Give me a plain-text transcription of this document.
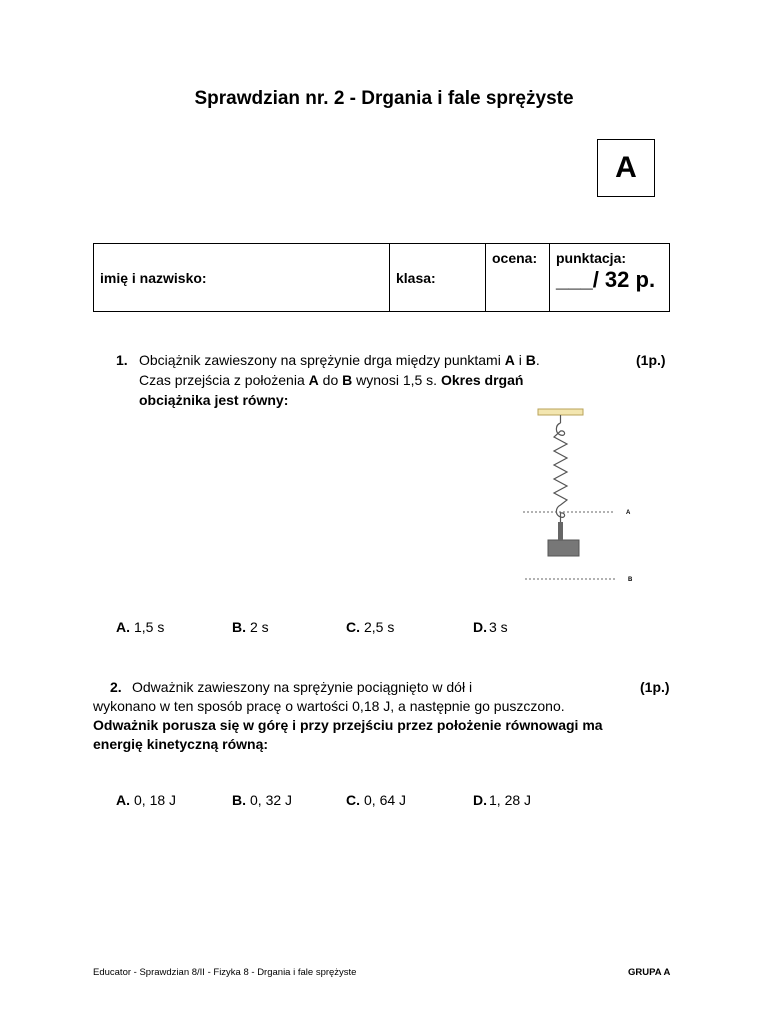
Sprawdzian nr. 2 - Drgania i fale sprężyste
A
imię i nazwisko:	klasa:	ocena:	punktacja:
___/ 32 p.
1.	(1p.)
Obciążnik zawieszony na sprężynie drga między punktami A i B.
Czas przejścia z położenia A do B wynosi 1,5 s. Okres drgań
obciążnika jest równy:
A
B
A. 1,5 s	B. 2 s	C. 2,5 s	D. 3 s
2.	(1p.)
Odważnik zawieszony na sprężynie pociągnięto w dół i
wykonano w ten sposób pracę o wartości 0,18 J, a następnie go puszczono.
Odważnik porusza się w górę i przy przejściu przez położenie równowagi ma
energię kinetyczną równą:
A. 0, 18 J	B. 0, 32 J	C. 0, 64 J	D. 1, 28 J
Educator - Sprawdzian 8/II - Fizyka 8 - Drgania i fale sprężyste	GRUPA A
